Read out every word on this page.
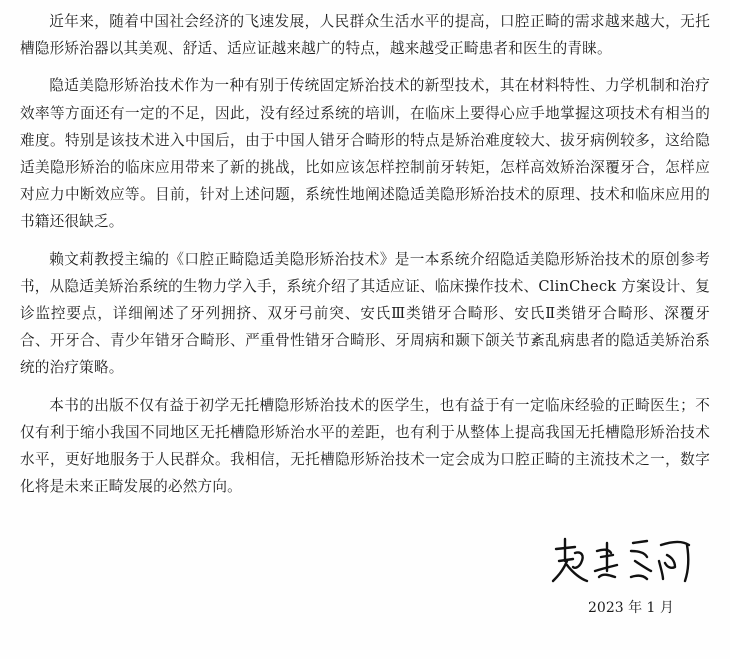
近年来，随着中国社会经济的飞速发展，人民群众生活水平的提高，口腔正畸的需求越来越大，无托槽隐形矫治器以其美观、舒适、适应证越来越广的特点，越来越受正畸患者和医生的青睐。

隐适美隐形矫治技术作为一种有别于传统固定矫治技术的新型技术，其在材料特性、力学机制和治疗效率等方面还有一定的不足，因此，没有经过系统的培训，在临床上要得心应手地掌握这项技术有相当的难度。特别是该技术进入中国后，由于中国人错牙合畸形的特点是矫治难度较大、拔牙病例较多，这给隐适美隐形矫治的临床应用带来了新的挑战，比如应该怎样控制前牙转矩，怎样高效矫治深覆牙合，怎样应对应力中断效应等。目前，针对上述问题，系统性地阐述隐适美隐形矫治技术的原理、技术和临床应用的书籍还很缺乏。

赖文莉教授主编的《口腔正畸隐适美隐形矫治技术》是一本系统介绍隐适美隐形矫治技术的原创参考书，从隐适美矫治系统的生物力学入手，系统介绍了其适应证、临床操作技术、ClinCheck 方案设计、复诊监控要点，详细阐述了牙列拥挤、双牙弓前突、安氏Ⅲ类错牙合畸形、安氏Ⅱ类错牙合畸形、深覆牙合、开牙合、青少年错牙合畸形、严重骨性错牙合畸形、牙周病和颞下颌关节紊乱病患者的隐适美矫治系统的治疗策略。

本书的出版不仅有益于初学无托槽隐形矫治技术的医学生，也有益于有一定临床经验的正畸医生；不仅有利于缩小我国不同地区无托槽隐形矫治水平的差距，也有利于从整体上提高我国无托槽隐形矫治技术水平，更好地服务于人民群众。我相信，无托槽隐形矫治技术一定会成为口腔正畸的主流技术之一，数字化将是未来正畸发展的必然方向。

2023 年 1 月
